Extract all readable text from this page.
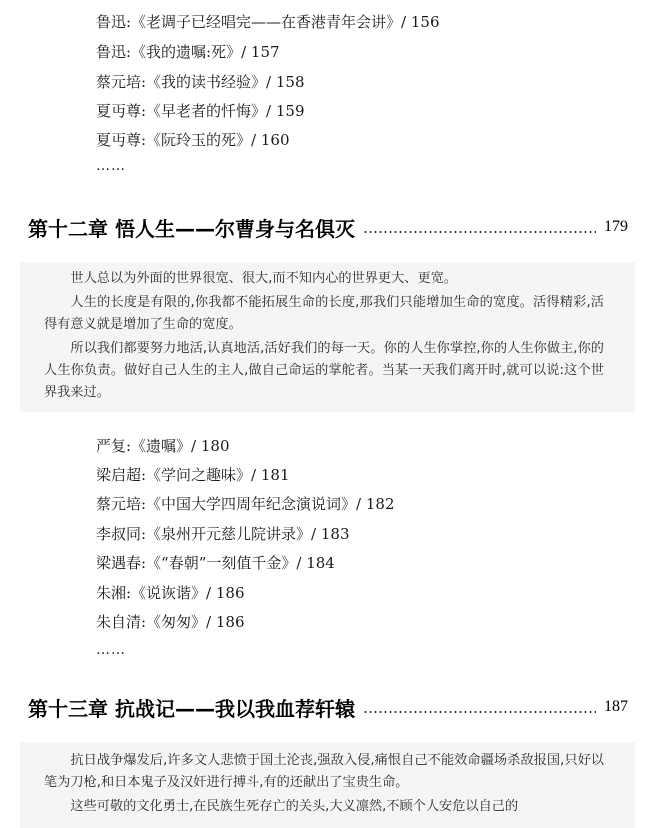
鲁迅:《老调子已经唱完——在香港青年会讲》/ 156
鲁迅:《我的遗嘱:死》/ 157
蔡元培:《我的读书经验》/ 158
夏丏尊:《早老者的忏悔》/ 159
夏丏尊:《阮玲玉的死》/ 160
……
第十二章 悟人生——尔曹身与名俱灭	179

世人总以为外面的世界很宽、很大,而不知内心的世界更大、更宽。

人生的长度是有限的,你我都不能拓展生命的长度,那我们只能增加生命的宽度。活得精彩,活得有意义就是增加了生命的宽度。

所以我们都要努力地活,认真地活,活好我们的每一天。你的人生你掌控,你的人生你做主,你的人生你负责。做好自己人生的主人,做自己命运的掌舵者。当某一天我们离开时,就可以说:这个世界我来过。

严复:《遗嘱》/ 180
梁启超:《学问之趣味》/ 181
蔡元培:《中国大学四周年纪念演说词》/ 182
李叔同:《泉州开元慈儿院讲录》/ 183
梁遇春:《“春朝”一刻值千金》/ 184
朱湘:《说诙谐》/ 186
朱自清:《匆匆》/ 186
……
第十三章 抗战记——我以我血荐轩辕	187

抗日战争爆发后,许多文人悲愤于国土沦丧,强敌入侵,痛恨自己不能效命疆场杀敌报国,只好以笔为刀枪,和日本鬼子及汉奸进行搏斗,有的还献出了宝贵生命。

这些可敬的文化勇士,在民族生死存亡的关头,大义凛然,不顾个人安危以自己的
